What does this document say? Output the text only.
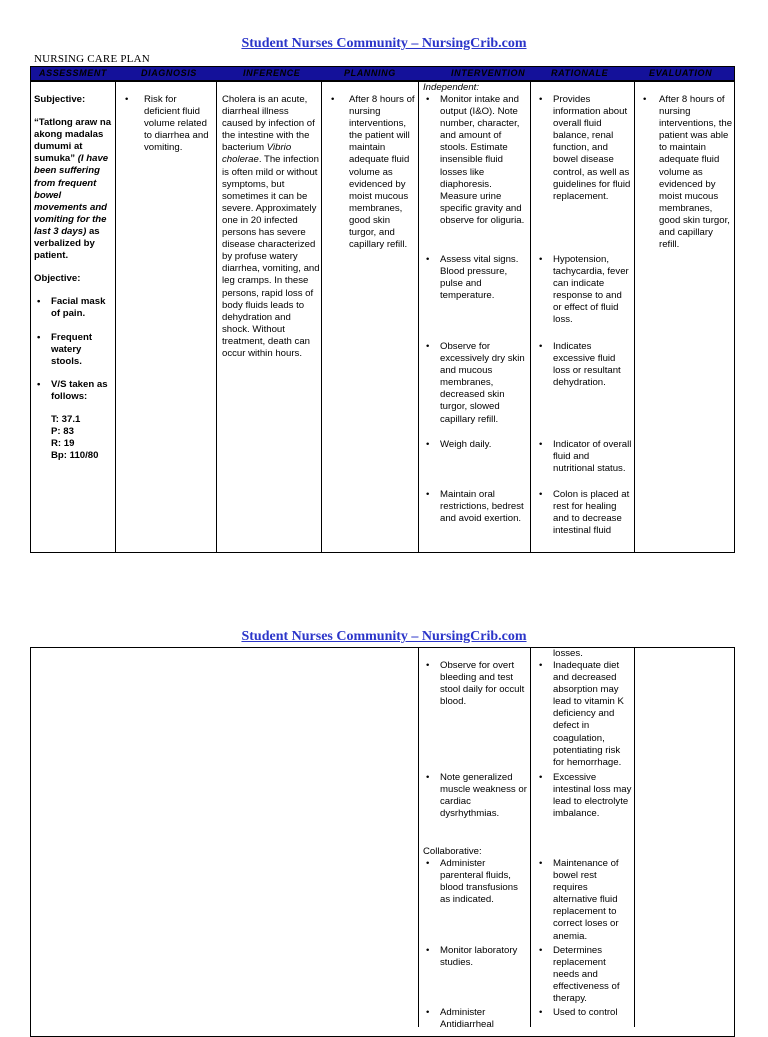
Student Nurses Community – NursingCrib.com
NURSING CARE PLAN
ASSESSMENT	DIAGNOSIS	INFERENCE	PLANNING	INTERVENTION	RATIONALE	EVALUATION

Subjective:

“Tatlong araw na akong madalas dumumi at sumuka” (I have been suffering from frequent bowel movements and vomiting for the last 3 days) as verbalized by patient.

Objective:

• Facial mask of pain.

• Frequent watery stools.

• V/S taken as follows:

T: 37.1

P: 83

R: 19

Bp: 110/80

• Risk for deficient fluid volume related to diarrhea and vomiting.

Cholera is an acute, diarrheal illness caused by infection of the intestine with the bacterium Vibrio cholerae. The infection is often mild or without symptoms, but sometimes it can be severe. Approximately one in 20 infected persons has severe disease characterized by profuse watery diarrhea, vomiting, and leg cramps. In these persons, rapid loss of body fluids leads to dehydration and shock. Without treatment, death can occur within hours.

• After 8 hours of nursing interventions, the patient will maintain adequate fluid volume as evidenced by moist mucous membranes, good skin turgor, and capillary refill.

Independent:

• Monitor intake and output (I&O). Note number, character, and amount of stools. Estimate insensible fluid losses like diaphoresis. Measure urine specific gravity and observe for oliguria.

• Provides information about overall fluid balance, renal function, and bowel disease control, as well as guidelines for fluid replacement.

• Assess vital signs. Blood pressure, pulse and temperature.

• Hypotension, tachycardia, fever can indicate response to and or effect of fluid loss.

• Observe for excessively dry skin and mucous membranes, decreased skin turgor, slowed capillary refill.

• Indicates excessive fluid loss or resultant dehydration.

• Weigh daily.

•	Indicator of overall fluid and nutritional status.

• Maintain oral restrictions, bedrest and avoid exertion.

• Colon is placed at rest for healing and to decrease intestinal fluid

• After 8 hours of nursing interventions, the patient was able to maintain adequate fluid volume as evidenced by moist mucous membranes, good skin turgor, and capillary refill.

Student Nurses Community – NursingCrib.com
losses.

• Observe for overt bleeding and test stool daily for occult blood.

• Inadequate diet and decreased absorption may lead to vitamin K deficiency and defect in coagulation, potentiating risk for hemorrhage.

• Note generalized muscle weakness or cardiac dysrhythmias.

• Excessive intestinal loss may lead to electrolyte imbalance.

Collaborative:

• Administer parenteral fluids, blood transfusions as indicated.

• Maintenance of bowel rest requires alternative fluid replacement to correct loses or anemia.

• Monitor laboratory studies.

• Determines replacement needs and effectiveness of therapy.

• Administer Antidiarrheal

• Used to control
